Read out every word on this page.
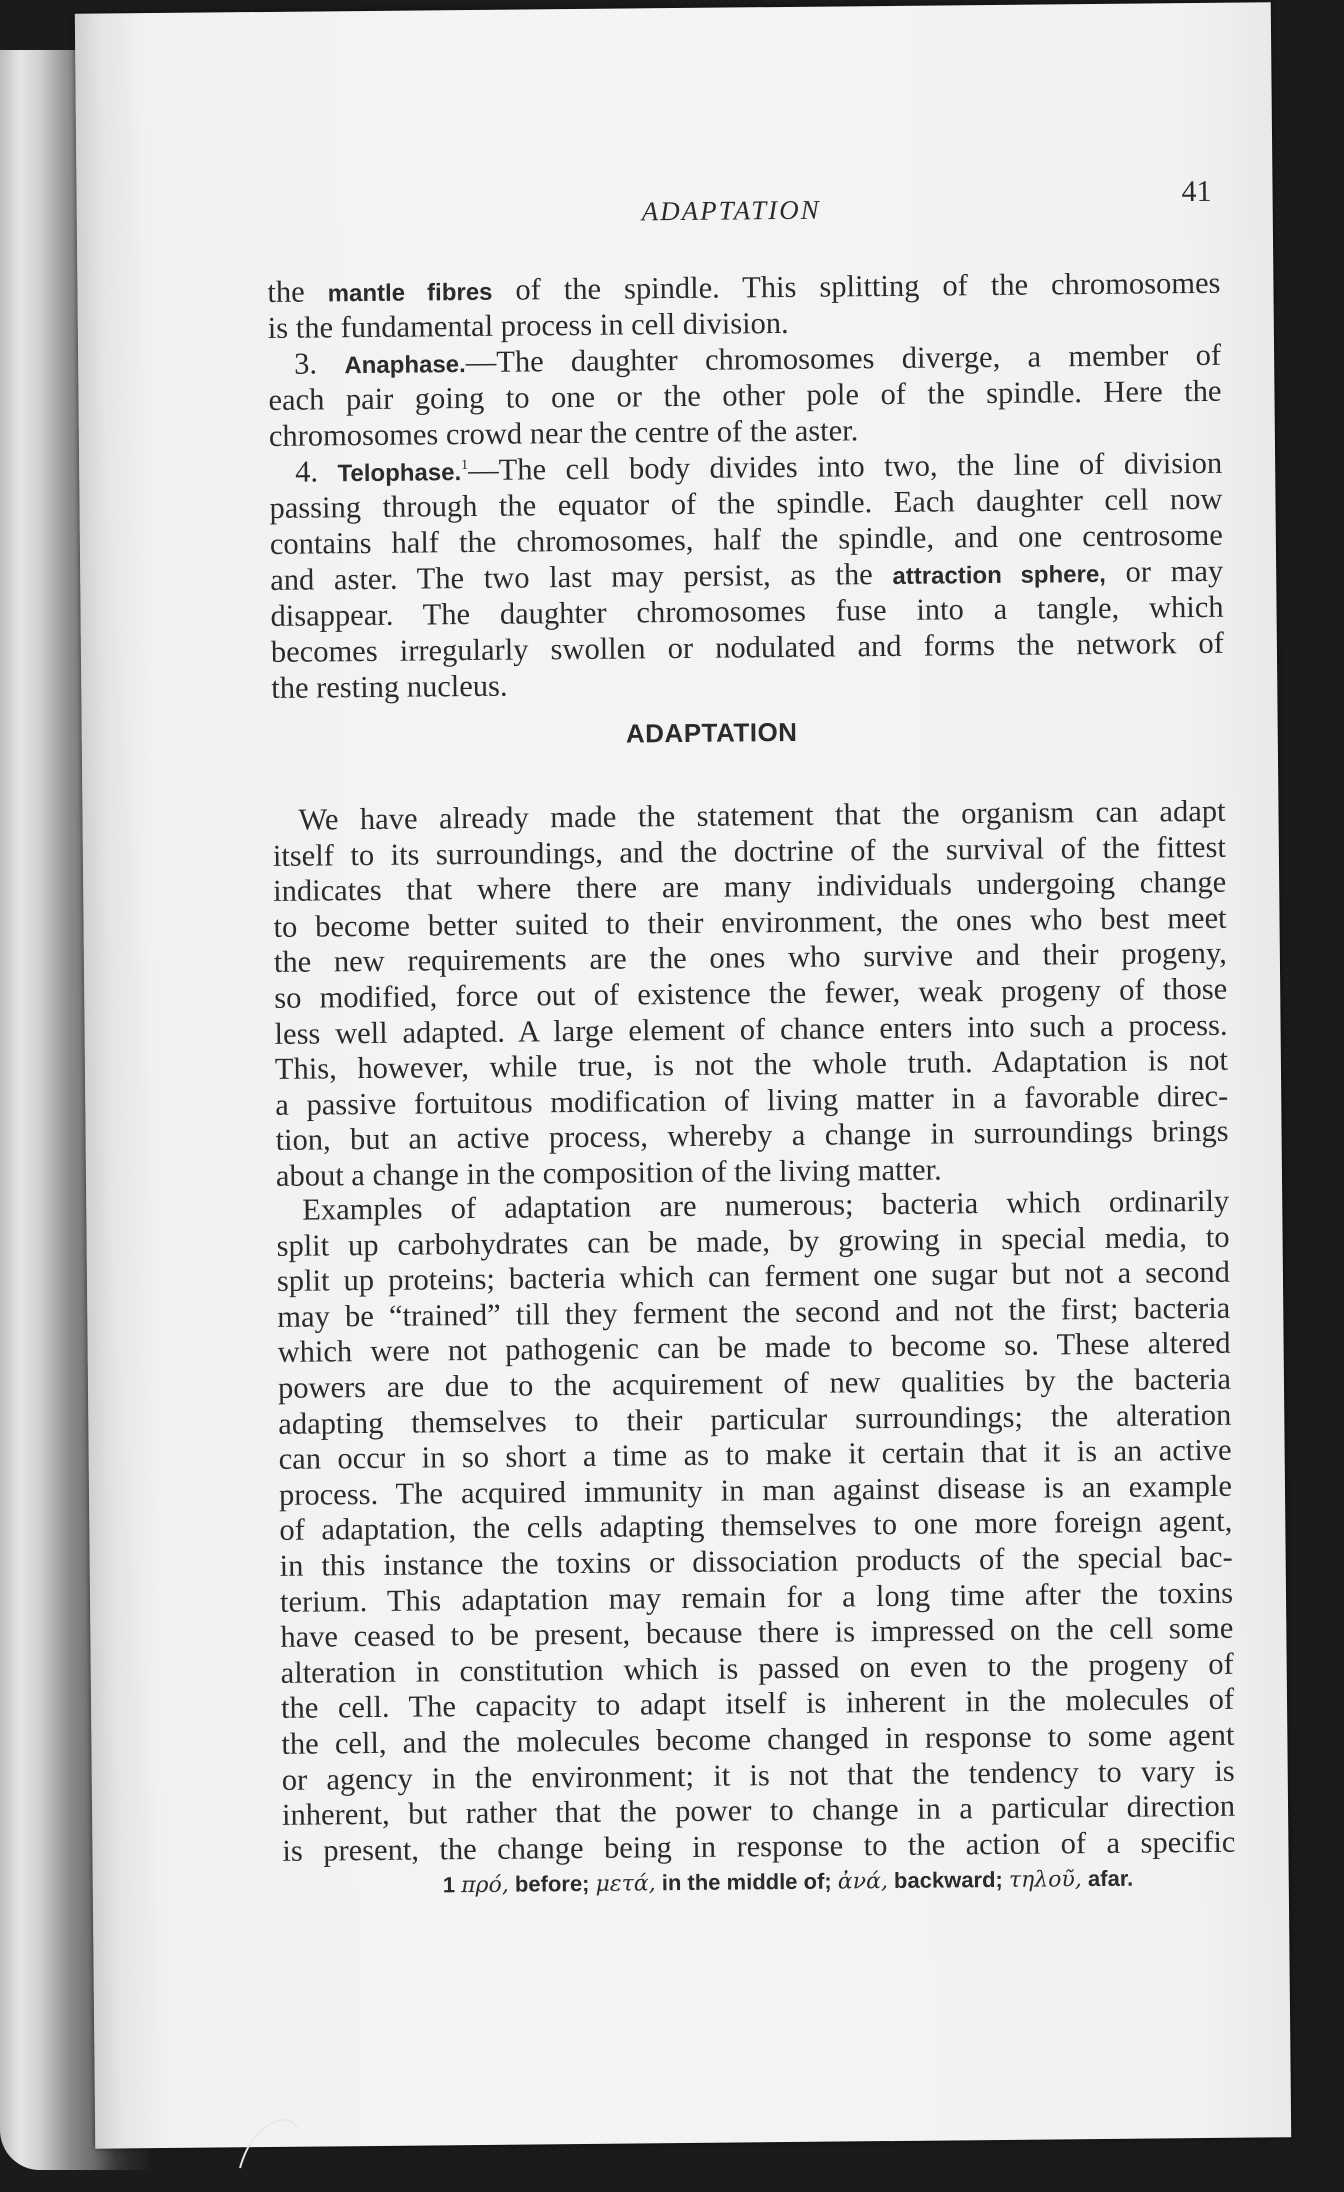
ADAPTATION
41
the mantle fibres of the spindle. This splitting of the chromosomes
is the fundamental process in cell division.
3. Anaphase.—The daughter chromosomes diverge, a member of
each pair going to one or the other pole of the spindle. Here the
chromosomes crowd near the centre of the aster.
4. Telophase.$^1$—The cell body divides into two, the line of division
passing through the equator of the spindle. Each daughter cell now
contains half the chromosomes, half the spindle, and one centrosome
and aster. The two last may persist, as the attraction sphere, or may
disappear. The daughter chromosomes fuse into a tangle, which
becomes irregularly swollen or nodulated and forms the network of
the resting nucleus.
ADAPTATION
We have already made the statement that the organism can adapt
itself to its surroundings, and the doctrine of the survival of the fittest
indicates that where there are many individuals undergoing change
to become better suited to their environment, the ones who best meet
the new requirements are the ones who survive and their progeny,
so modified, force out of existence the fewer, weak progeny of those
less well adapted. A large element of chance enters into such a process.
This, however, while true, is not the whole truth. Adaptation is not
a passive fortuitous modification of living matter in a favorable direc-
tion, but an active process, whereby a change in surroundings brings
about a change in the composition of the living matter.
Examples of adaptation are numerous; bacteria which ordinarily
split up carbohydrates can be made, by growing in special media, to
split up proteins; bacteria which can ferment one sugar but not a second
may be “trained” till they ferment the second and not the first; bacteria
which were not pathogenic can be made to become so. These altered
powers are due to the acquirement of new qualities by the bacteria
adapting themselves to their particular surroundings; the alteration
can occur in so short a time as to make it certain that it is an active
process. The acquired immunity in man against disease is an example
of adaptation, the cells adapting themselves to one more foreign agent,
in this instance the toxins or dissociation products of the special bac-
terium. This adaptation may remain for a long time after the toxins
have ceased to be present, because there is impressed on the cell some
alteration in constitution which is passed on even to the progeny of
the cell. The capacity to adapt itself is inherent in the molecules of
the cell, and the molecules become changed in response to some agent
or agency in the environment; it is not that the tendency to vary is
inherent, but rather that the power to change in a particular direction
is present, the change being in response to the action of a specific
1 πρό, before; μετά, in the middle of; ἀνά, backward; τηλοῦ, afar.
